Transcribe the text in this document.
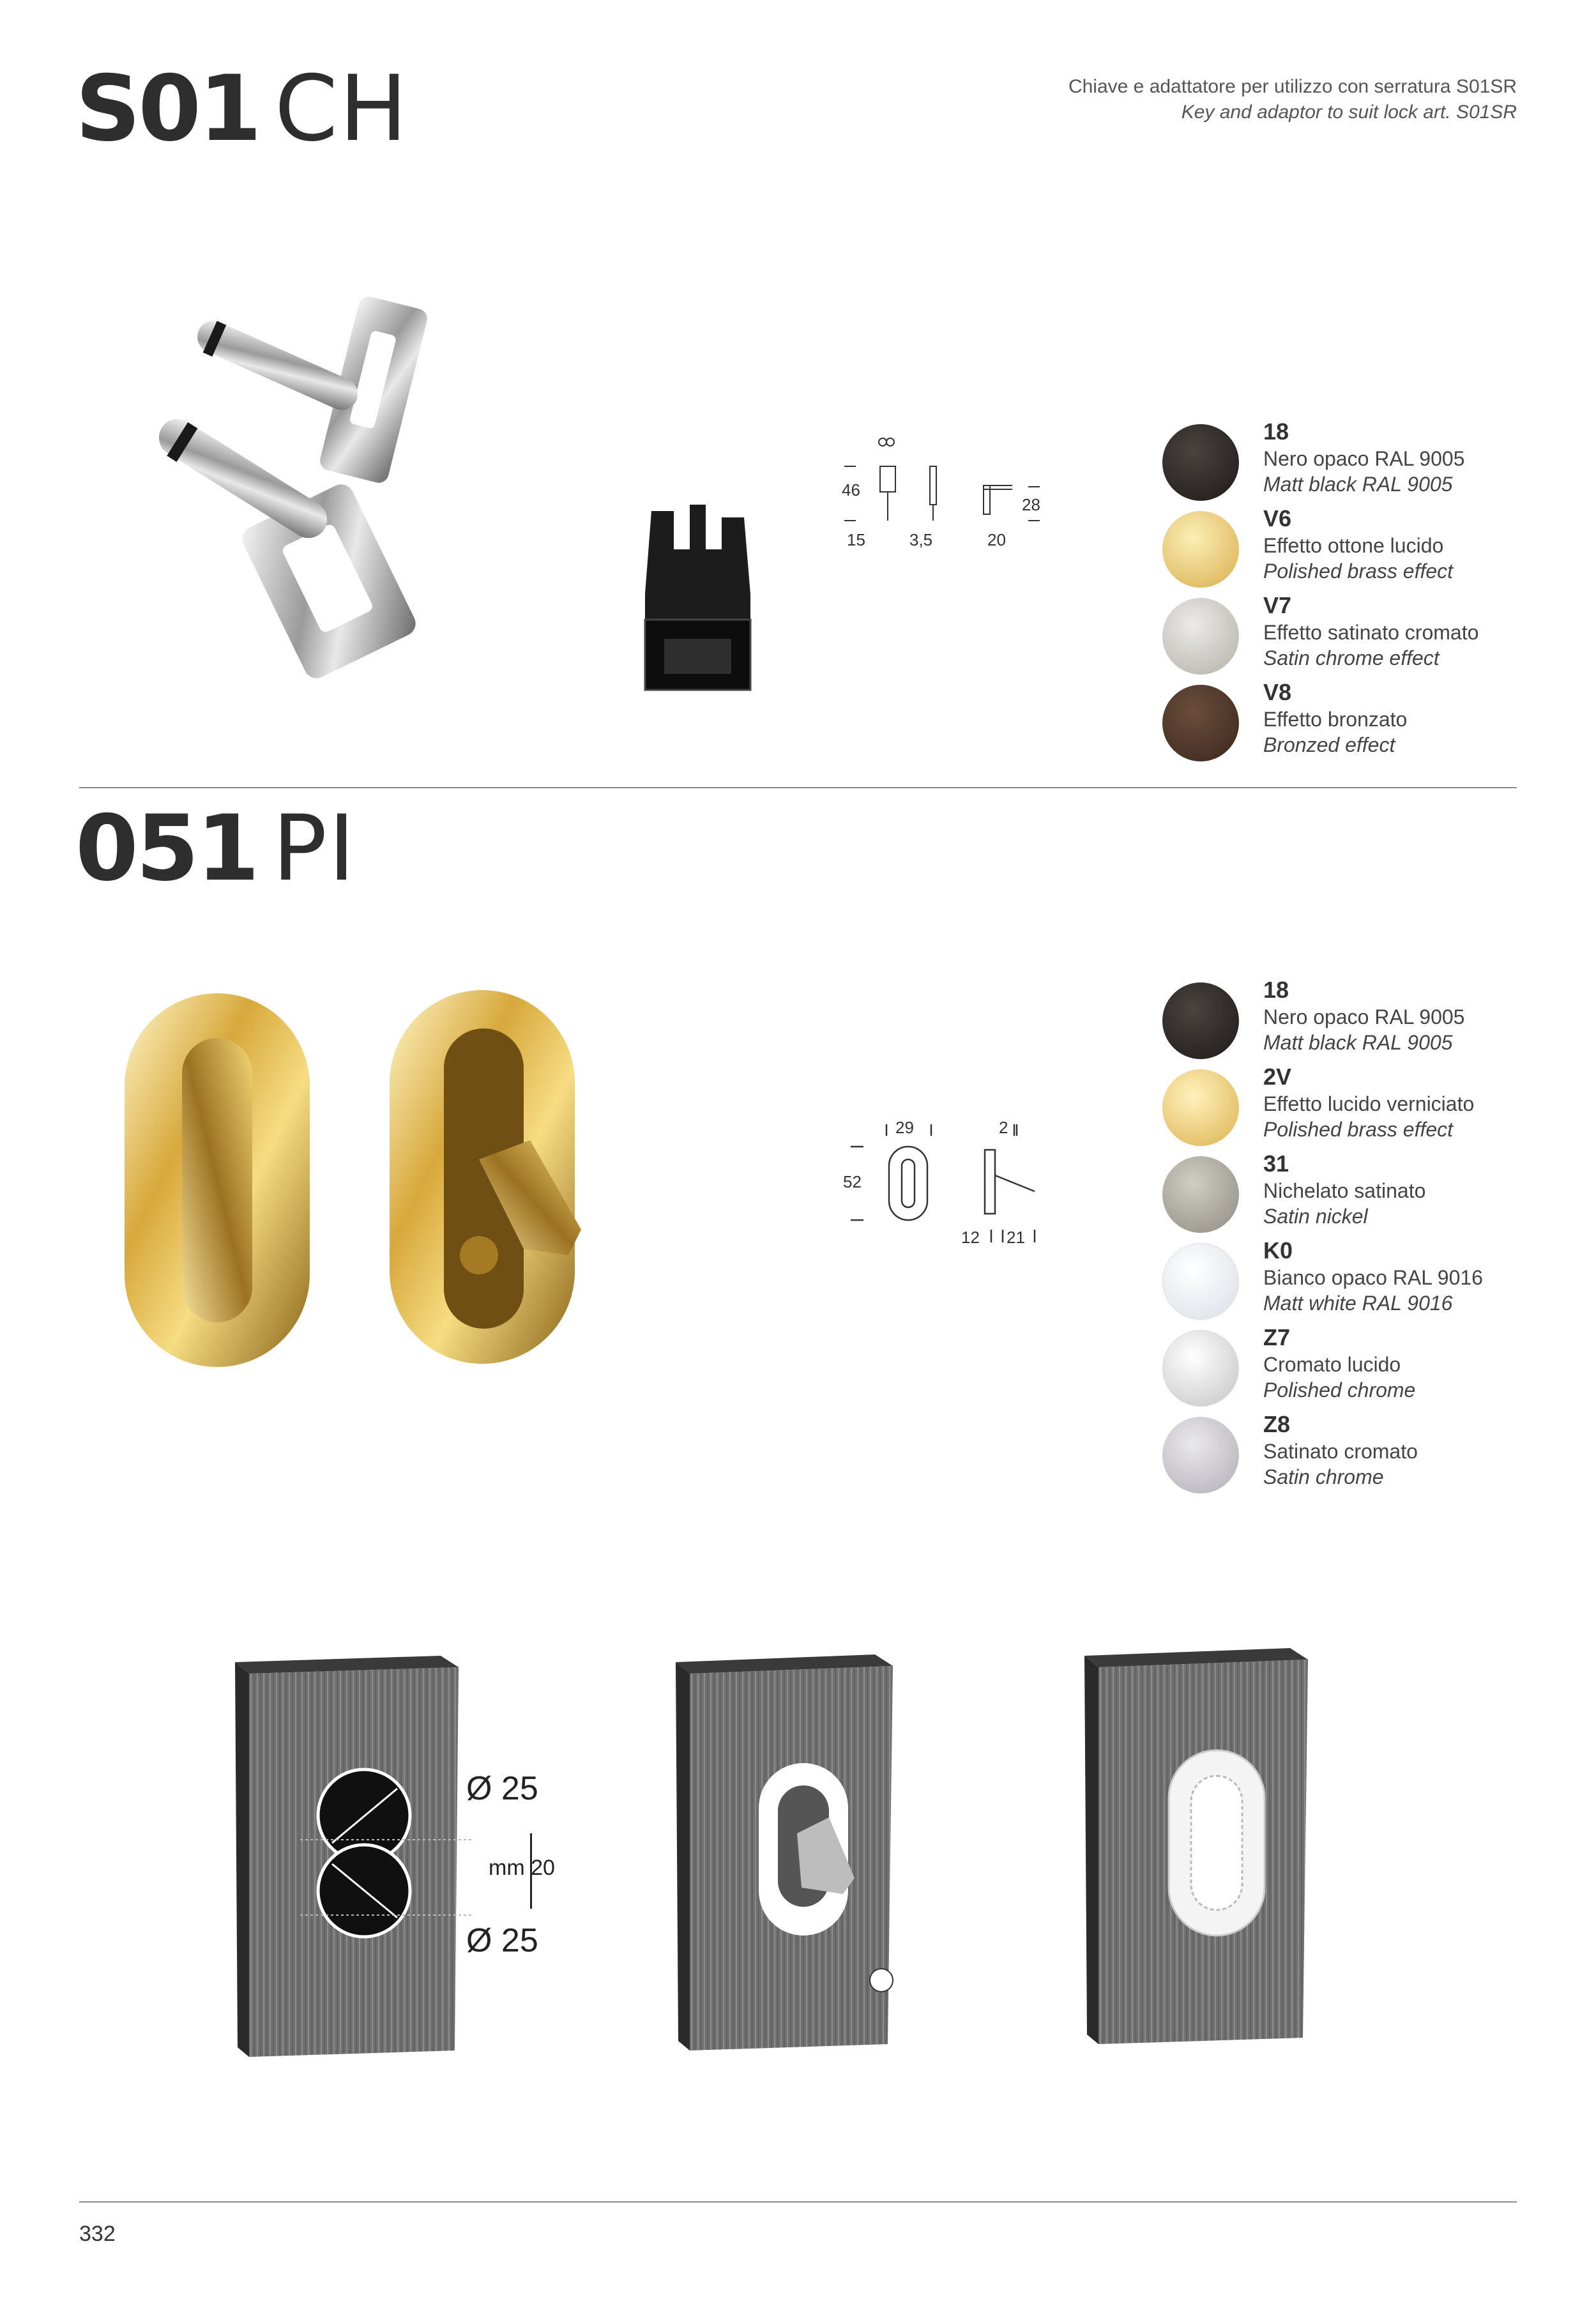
S01 CH	Chiave e adattatore per utilizzo con serratura S01SR
Key and adaptor to suit lock art. S01SR
46
15	3,5
28
20
18
Nero opaco RAL 9005
Matt black RAL 9005
V6
Effetto ottone lucido
Polished brass effect
V7
Effetto satinato cromato
Satin chrome effect
V8
Effetto bronzato
Bronzed effect
051 PI
29
52
2
12 21
18
Nero opaco RAL 9005
Matt black RAL 9005
2V
Effetto lucido verniciato
Polished brass effect
31
Nichelato satinato
Satin nickel
K0
Bianco opaco RAL 9016
Matt white RAL 9016
Z7
Cromato lucido
Polished chrome
Z8
Satinato cromato
Satin chrome
Ø 25
mm 20
Ø 25
332
